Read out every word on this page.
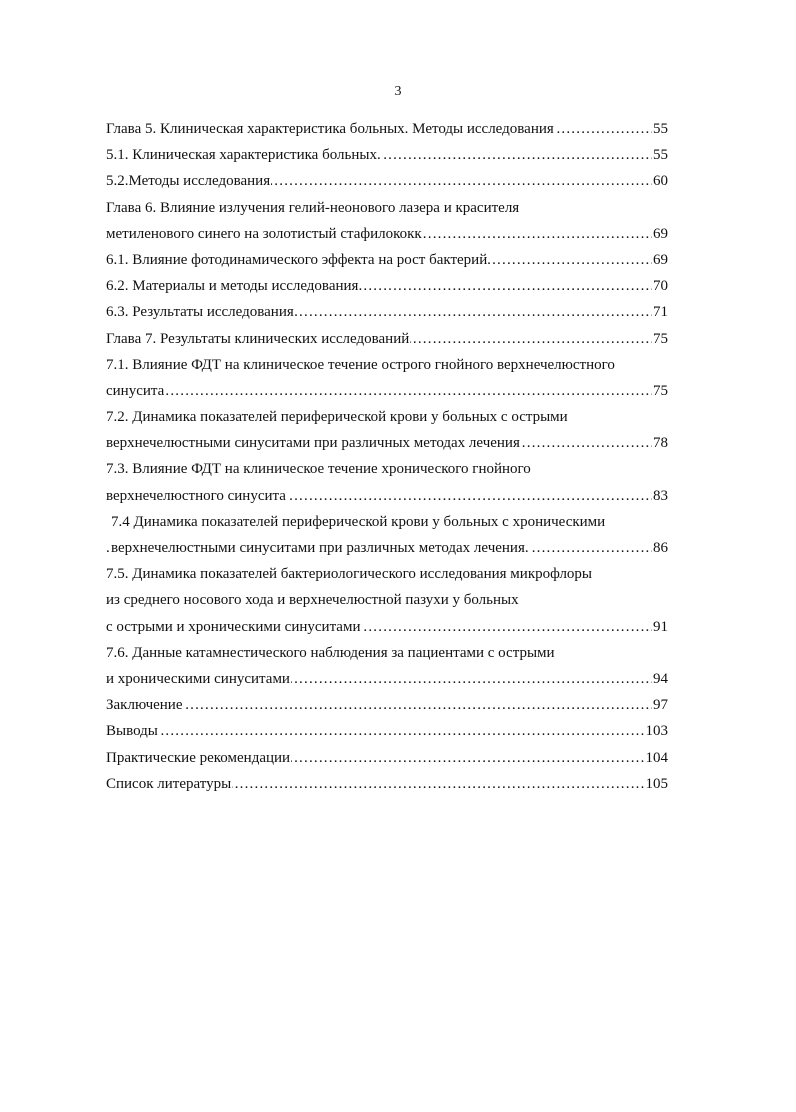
3
Глава 5. Клиническая характеристика больных. Методы исследования	55
.....
5.1. Клиническая характеристика больных.	55
.....
5.2.Методы исследования	60
.....
Глава 6. Влияние излучения гелий-неонового лазера и красителя
метиленового синего на золотистый стафилококк	69
.....
6.1. Влияние фотодинамического эффекта на рост бактерий	69
.....
6.2. Материалы и методы исследования	70
.....
6.3. Результаты исследования	71
.....
Глава 7. Результаты клинических исследований	75
.....
7.1. Влияние ФДТ на клиническое течение острого гнойного верхнечелюстного
синусита	75
.....
7.2. Динамика показателей периферической крови у больных с острыми
верхнечелюстными синуситами при различных методах лечения	78
.....
7.3. Влияние ФДТ на клиническое течение хронического гнойного
верхнечелюстного синусита	83
.....
7.4 Динамика показателей периферической крови у больных с хроническими
верхнечелюстными синуситами при различных методах лечения.	86
.....
7.5. Динамика показателей бактериологического исследования микрофлоры
из среднего носового хода и верхнечелюстной пазухи у больных
с острыми и хроническими синуситами	91
.....
7.6. Данные катамнестического наблюдения за пациентами с острыми
и хроническими синуситами	94
.....
Заключение	97
.....
Выводы	103
.....
Практические рекомендации	104
.....
Список литературы	105
.....
